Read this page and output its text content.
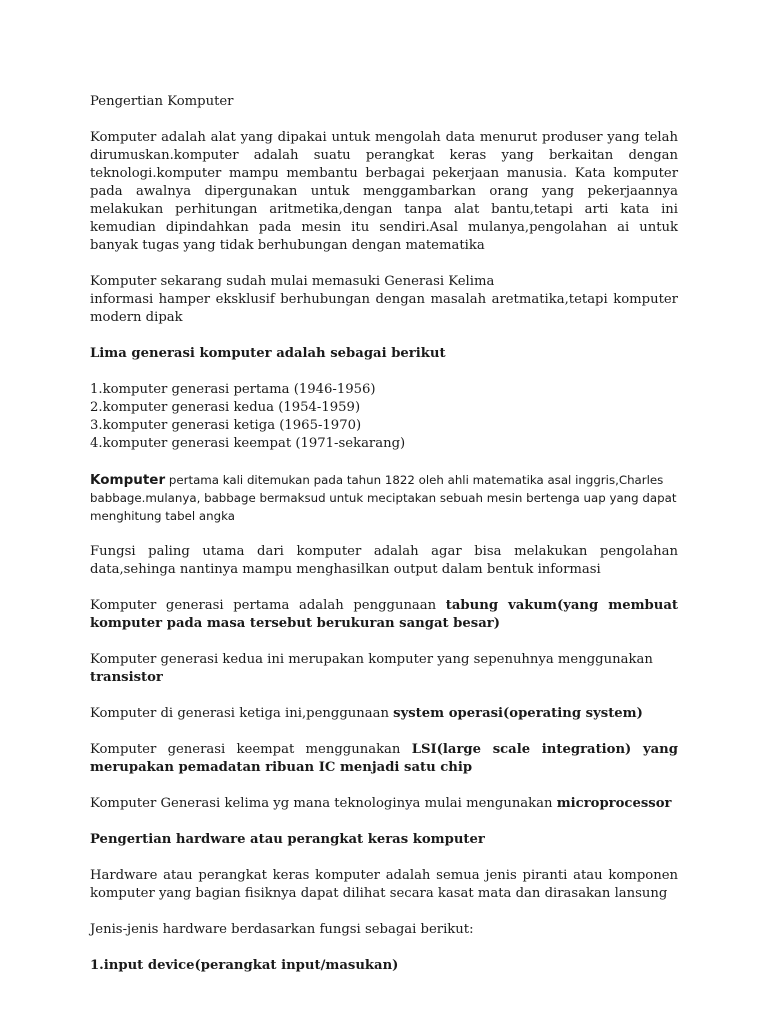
Pengertian Komputer

Komputer adalah alat yang dipakai untuk mengolah data menurut produser yang telah dirumuskan.komputer adalah suatu perangkat keras yang berkaitan dengan teknologi.komputer mampu membantu berbagai pekerjaan manusia. Kata komputer pada awalnya dipergunakan untuk menggambarkan orang yang pekerjaannya melakukan perhitungan aritmetika,dengan tanpa alat bantu,tetapi arti kata ini kemudian dipindahkan pada mesin itu sendiri.Asal mulanya,pengolahan ai untuk banyak tugas yang tidak berhubungan dengan matematika

Komputer sekarang sudah mulai memasuki Generasi Kelima

informasi hamper eksklusif berhubungan dengan masalah aretmatika,tetapi komputer modern dipak

Lima generasi komputer adalah sebagai berikut

1.komputer generasi pertama (1946-1956)
2.komputer generasi kedua (1954-1959)
3.komputer generasi ketiga (1965-1970)
4.komputer generasi keempat (1971-sekarang)

Komputer pertama kali ditemukan pada tahun 1822 oleh ahli matematika asal inggris,Charles babbage.mulanya, babbage bermaksud untuk meciptakan sebuah mesin bertenga uap yang dapat menghitung tabel angka

Fungsi paling utama dari komputer adalah agar bisa melakukan pengolahan data,sehinga nantinya mampu menghasilkan output dalam bentuk informasi

Komputer generasi pertama adalah penggunaan tabung vakum(yang membuat komputer pada masa tersebut berukuran sangat besar)

Komputer generasi kedua ini merupakan komputer yang sepenuhnya menggunakan transistor

Komputer di generasi ketiga ini,penggunaan system operasi(operating system)

Komputer generasi keempat menggunakan LSI(large scale integration) yang merupakan pemadatan ribuan IC menjadi satu chip

Komputer Generasi kelima yg mana teknologinya mulai mengunakan microprocessor

Pengertian hardware atau perangkat keras komputer

Hardware atau perangkat keras komputer adalah semua jenis piranti atau komponen komputer yang bagian fisiknya dapat dilihat secara kasat mata dan dirasakan lansung

Jenis-jenis hardware berdasarkan fungsi sebagai berikut:

1.input device(perangkat input/masukan)
